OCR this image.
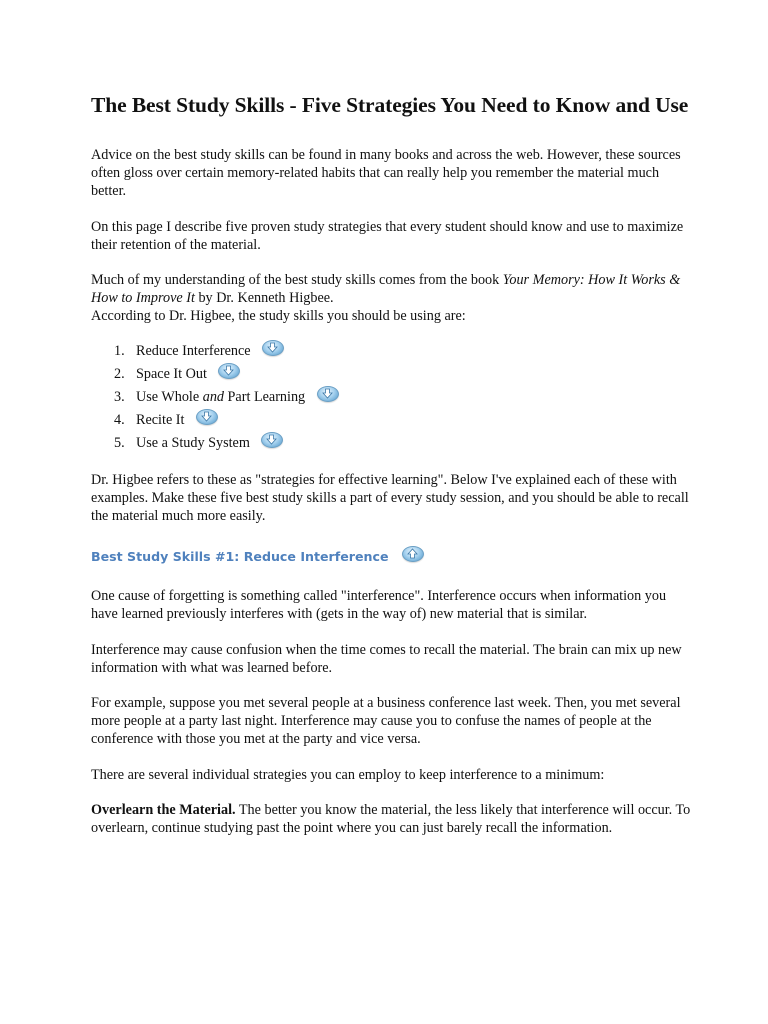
The Best Study Skills - Five Strategies You Need to Know and Use

Advice on the best study skills can be found in many books and across the web. However, these sources often gloss over certain memory-related habits that can really help you remember the material much better.

On this page I describe five proven study strategies that every student should know and use to maximize their retention of the material.

Much of my understanding of the best study skills comes from the book Your Memory: How It Works & How to Improve It by Dr. Kenneth Higbee.

According to Dr. Higbee, the study skills you should be using are:

1. Reduce Interference
2. Space It Out
3. Use Whole and Part Learning
4. Recite It
5. Use a Study System

Dr. Higbee refers to these as "strategies for effective learning". Below I've explained each of these with examples. Make these five best study skills a part of every study session, and you should be able to recall the material much more easily.

Best Study Skills #1: Reduce Interference

One cause of forgetting is something called "interference". Interference occurs when information you have learned previously interferes with (gets in the way of) new material that is similar.

Interference may cause confusion when the time comes to recall the material. The brain can mix up new information with what was learned before.

For example, suppose you met several people at a business conference last week. Then, you met several more people at a party last night. Interference may cause you to confuse the names of people at the conference with those you met at the party and vice versa.

There are several individual strategies you can employ to keep interference to a minimum:

Overlearn the Material. The better you know the material, the less likely that interference will occur. To overlearn, continue studying past the point where you can just barely recall the information.
